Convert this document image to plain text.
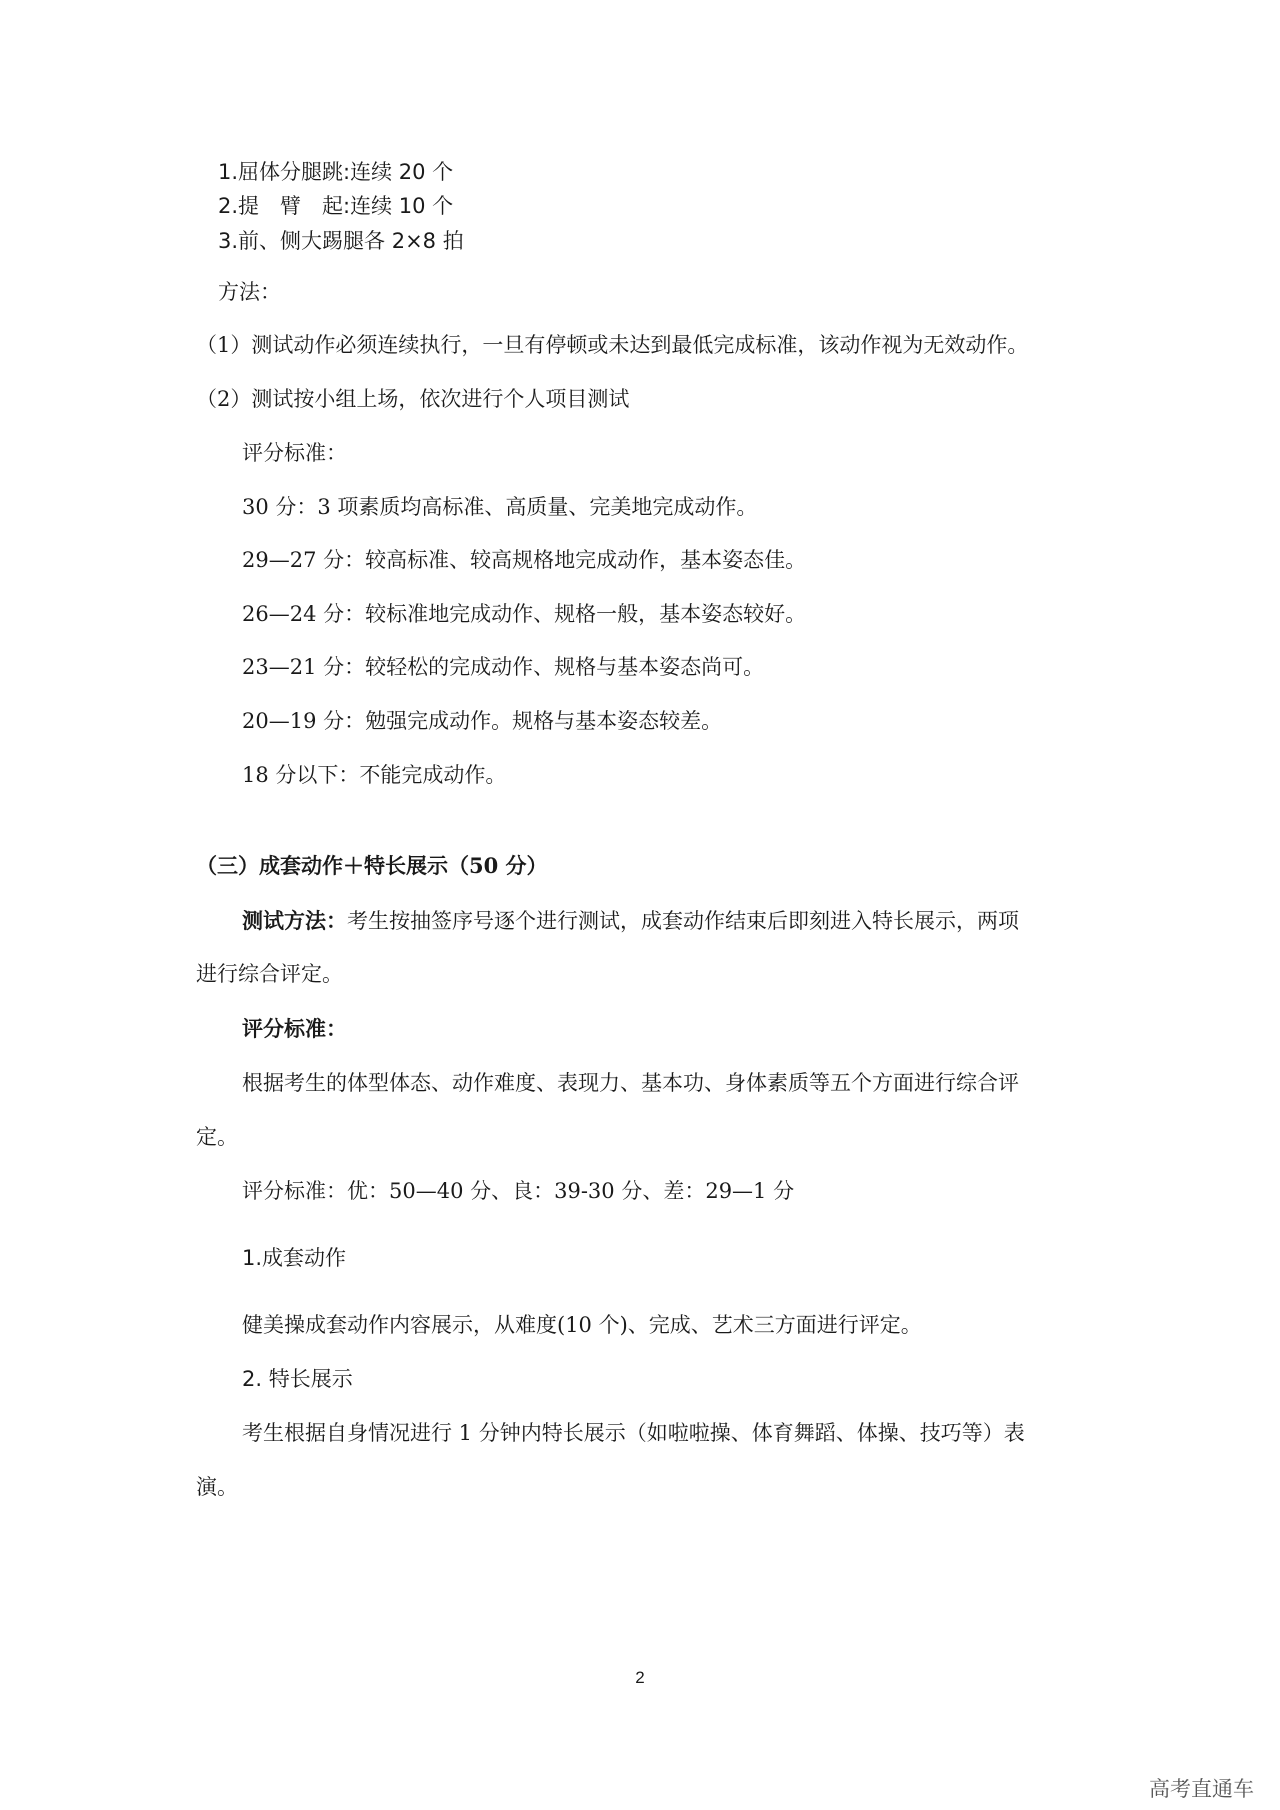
1.屈体分腿跳:连续 20 个
2.提　臂　起:连续 10 个
3.前、侧大踢腿各 2×8 拍
方法：
（1）测试动作必须连续执行，一旦有停顿或未达到最低完成标准，该动作视为无效动作。
（2）测试按小组上场，依次进行个人项目测试
评分标准：
30 分：3 项素质均高标准、高质量、完美地完成动作。
29—27 分：较高标准、较高规格地完成动作，基本姿态佳。
26—24 分：较标准地完成动作、规格一般，基本姿态较好。
23—21 分：较轻松的完成动作、规格与基本姿态尚可。
20—19 分：勉强完成动作。规格与基本姿态较差。
18 分以下：不能完成动作。
（三）成套动作＋特长展示（50 分）
测试方法：考生按抽签序号逐个进行测试，成套动作结束后即刻进入特长展示，两项
进行综合评定。
评分标准：
根据考生的体型体态、动作难度、表现力、基本功、身体素质等五个方面进行综合评
定。
评分标准：优：50—40 分、良：39-30 分、差：29—1 分
1.成套动作
健美操成套动作内容展示，从难度(10 个)、完成、艺术三方面进行评定。
2. 特长展示
考生根据自身情况进行 1 分钟内特长展示（如啦啦操、体育舞蹈、体操、技巧等）表
演。
2
高考直通车
